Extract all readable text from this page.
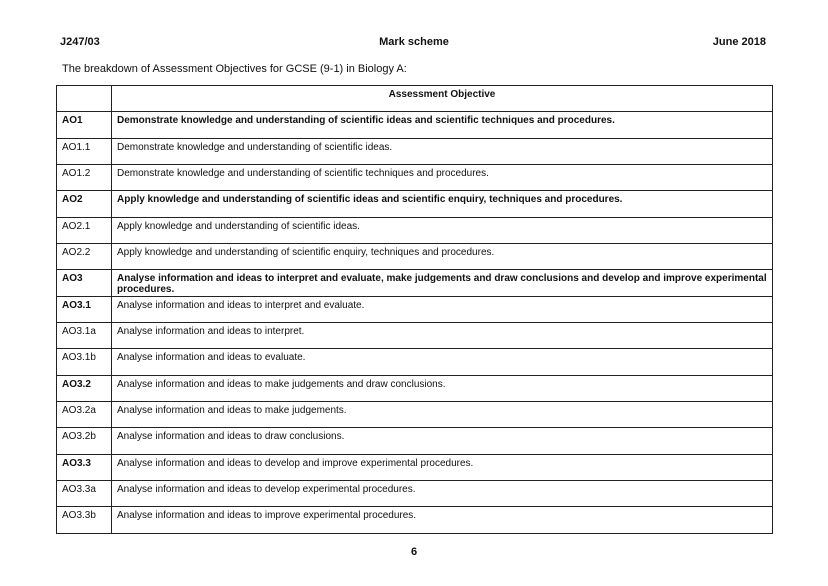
J247/03	Mark scheme	June 2018
The breakdown of Assessment Objectives for GCSE (9-1) in Biology A:
	Assessment Objective
AO1	Demonstrate knowledge and understanding of scientific ideas and scientific techniques and procedures.
AO1.1	Demonstrate knowledge and understanding of scientific ideas.
AO1.2	Demonstrate knowledge and understanding of scientific techniques and procedures.
AO2	Apply knowledge and understanding of scientific ideas and scientific enquiry, techniques and procedures.
AO2.1	Apply knowledge and understanding of scientific ideas.
AO2.2	Apply knowledge and understanding of scientific enquiry, techniques and procedures.
AO3	Analyse information and ideas to interpret and evaluate, make judgements and draw conclusions and develop and improve experimental procedures.
AO3.1	Analyse information and ideas to interpret and evaluate.
AO3.1a	Analyse information and ideas to interpret.
AO3.1b	Analyse information and ideas to evaluate.
AO3.2	Analyse information and ideas to make judgements and draw conclusions.
AO3.2a	Analyse information and ideas to make judgements.
AO3.2b	Analyse information and ideas to draw conclusions.
AO3.3	Analyse information and ideas to develop and improve experimental procedures.
AO3.3a	Analyse information and ideas to develop experimental procedures.
AO3.3b	Analyse information and ideas to improve experimental procedures.
6
